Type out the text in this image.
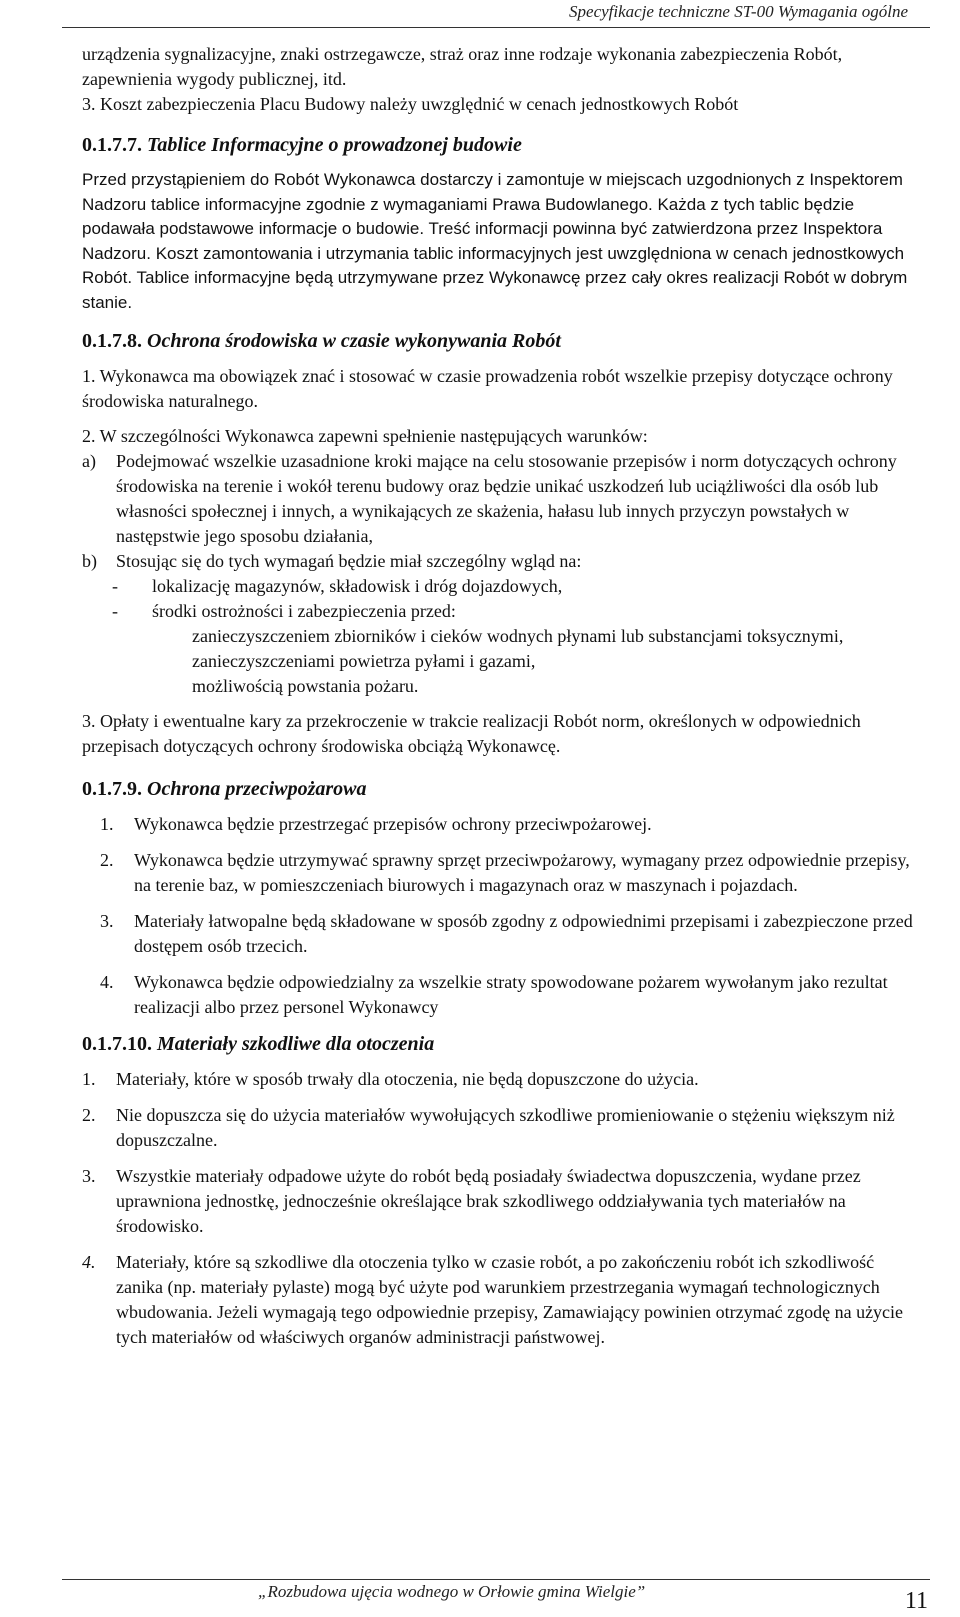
Specyfikacje techniczne ST-00 Wymagania ogólne

urządzenia sygnalizacyjne, znaki ostrzegawcze, straż oraz inne rodzaje wykonania zabezpieczenia Robót, zapewnienia wygody publicznej, itd.

3. Koszt zabezpieczenia Placu Budowy należy uwzględnić w cenach jednostkowych Robót

0.1.7.7. Tablice Informacyjne o prowadzonej budowie

Przed przystąpieniem do Robót Wykonawca dostarczy i zamontuje w miejscach uzgodnionych z Inspektorem Nadzoru tablice informacyjne zgodnie z wymaganiami Prawa Budowlanego. Każda z tych tablic będzie podawała podstawowe informacje o budowie. Treść informacji powinna być zatwierdzona przez Inspektora Nadzoru. Koszt zamontowania i utrzymania tablic informacyjnych jest uwzględniona w cenach jednostkowych Robót. Tablice informacyjne będą utrzymywane przez Wykonawcę przez cały okres realizacji Robót w dobrym stanie.

0.1.7.8. Ochrona środowiska w czasie wykonywania Robót

1. Wykonawca ma obowiązek znać i stosować w czasie prowadzenia robót wszelkie przepisy dotyczące ochrony środowiska naturalnego.

2. W szczególności Wykonawca zapewni spełnienie następujących warunków:

a) Podejmować wszelkie uzasadnione kroki mające na celu stosowanie przepisów i norm dotyczących ochrony środowiska na terenie i wokół terenu budowy oraz będzie unikać uszkodzeń lub uciążliwości dla osób lub własności społecznej i innych, a wynikających ze skażenia, hałasu lub innych przyczyn powstałych w następstwie jego sposobu działania,
b) Stosując się do tych wymagań będzie miał szczególny wgląd na:
- lokalizację magazynów, składowisk i dróg dojazdowych,
- środki ostrożności i zabezpieczenia przed:

zanieczyszczeniem zbiorników i cieków wodnych płynami lub substancjami toksycznymi,

zanieczyszczeniami powietrza pyłami i gazami,

możliwością powstania pożaru.

3. Opłaty i ewentualne kary za przekroczenie w trakcie realizacji Robót norm, określonych w odpowiednich przepisach dotyczących ochrony środowiska obciążą Wykonawcę.

0.1.7.9. Ochrona przeciwpożarowa
1. Wykonawca będzie przestrzegać przepisów ochrony przeciwpożarowej.
2. Wykonawca będzie utrzymywać sprawny sprzęt przeciwpożarowy, wymagany przez odpowiednie przepisy, na terenie baz, w pomieszczeniach biurowych i magazynach oraz w maszynach i pojazdach.
3. Materiały łatwopalne będą składowane w sposób zgodny z odpowiednimi przepisami i zabezpieczone przed dostępem osób trzecich.
4. Wykonawca będzie odpowiedzialny za wszelkie straty spowodowane pożarem wywołanym jako rezultat realizacji albo przez personel Wykonawcy
0.1.7.10. Materiały szkodliwe dla otoczenia
1. Materiały, które w sposób trwały dla otoczenia, nie będą dopuszczone do użycia.
2. Nie dopuszcza się do użycia materiałów wywołujących szkodliwe promieniowanie o stężeniu większym niż dopuszczalne.
3. Wszystkie materiały odpadowe użyte do robót będą posiadały świadectwa dopuszczenia, wydane przez uprawniona jednostkę, jednocześnie określające brak szkodliwego oddziaływania tych materiałów na środowisko.
4. Materiały, które są szkodliwe dla otoczenia tylko w czasie robót, a po zakończeniu robót ich szkodliwość zanika (np. materiały pylaste) mogą być użyte pod warunkiem przestrzegania wymagań technologicznych wbudowania. Jeżeli wymagają tego odpowiednie przepisy, Zamawiający powinien otrzymać zgodę na użycie tych materiałów od właściwych organów administracji państwowej.
„Rozbudowa ujęcia wodnego w Orłowie gmina Wielgie”	11
